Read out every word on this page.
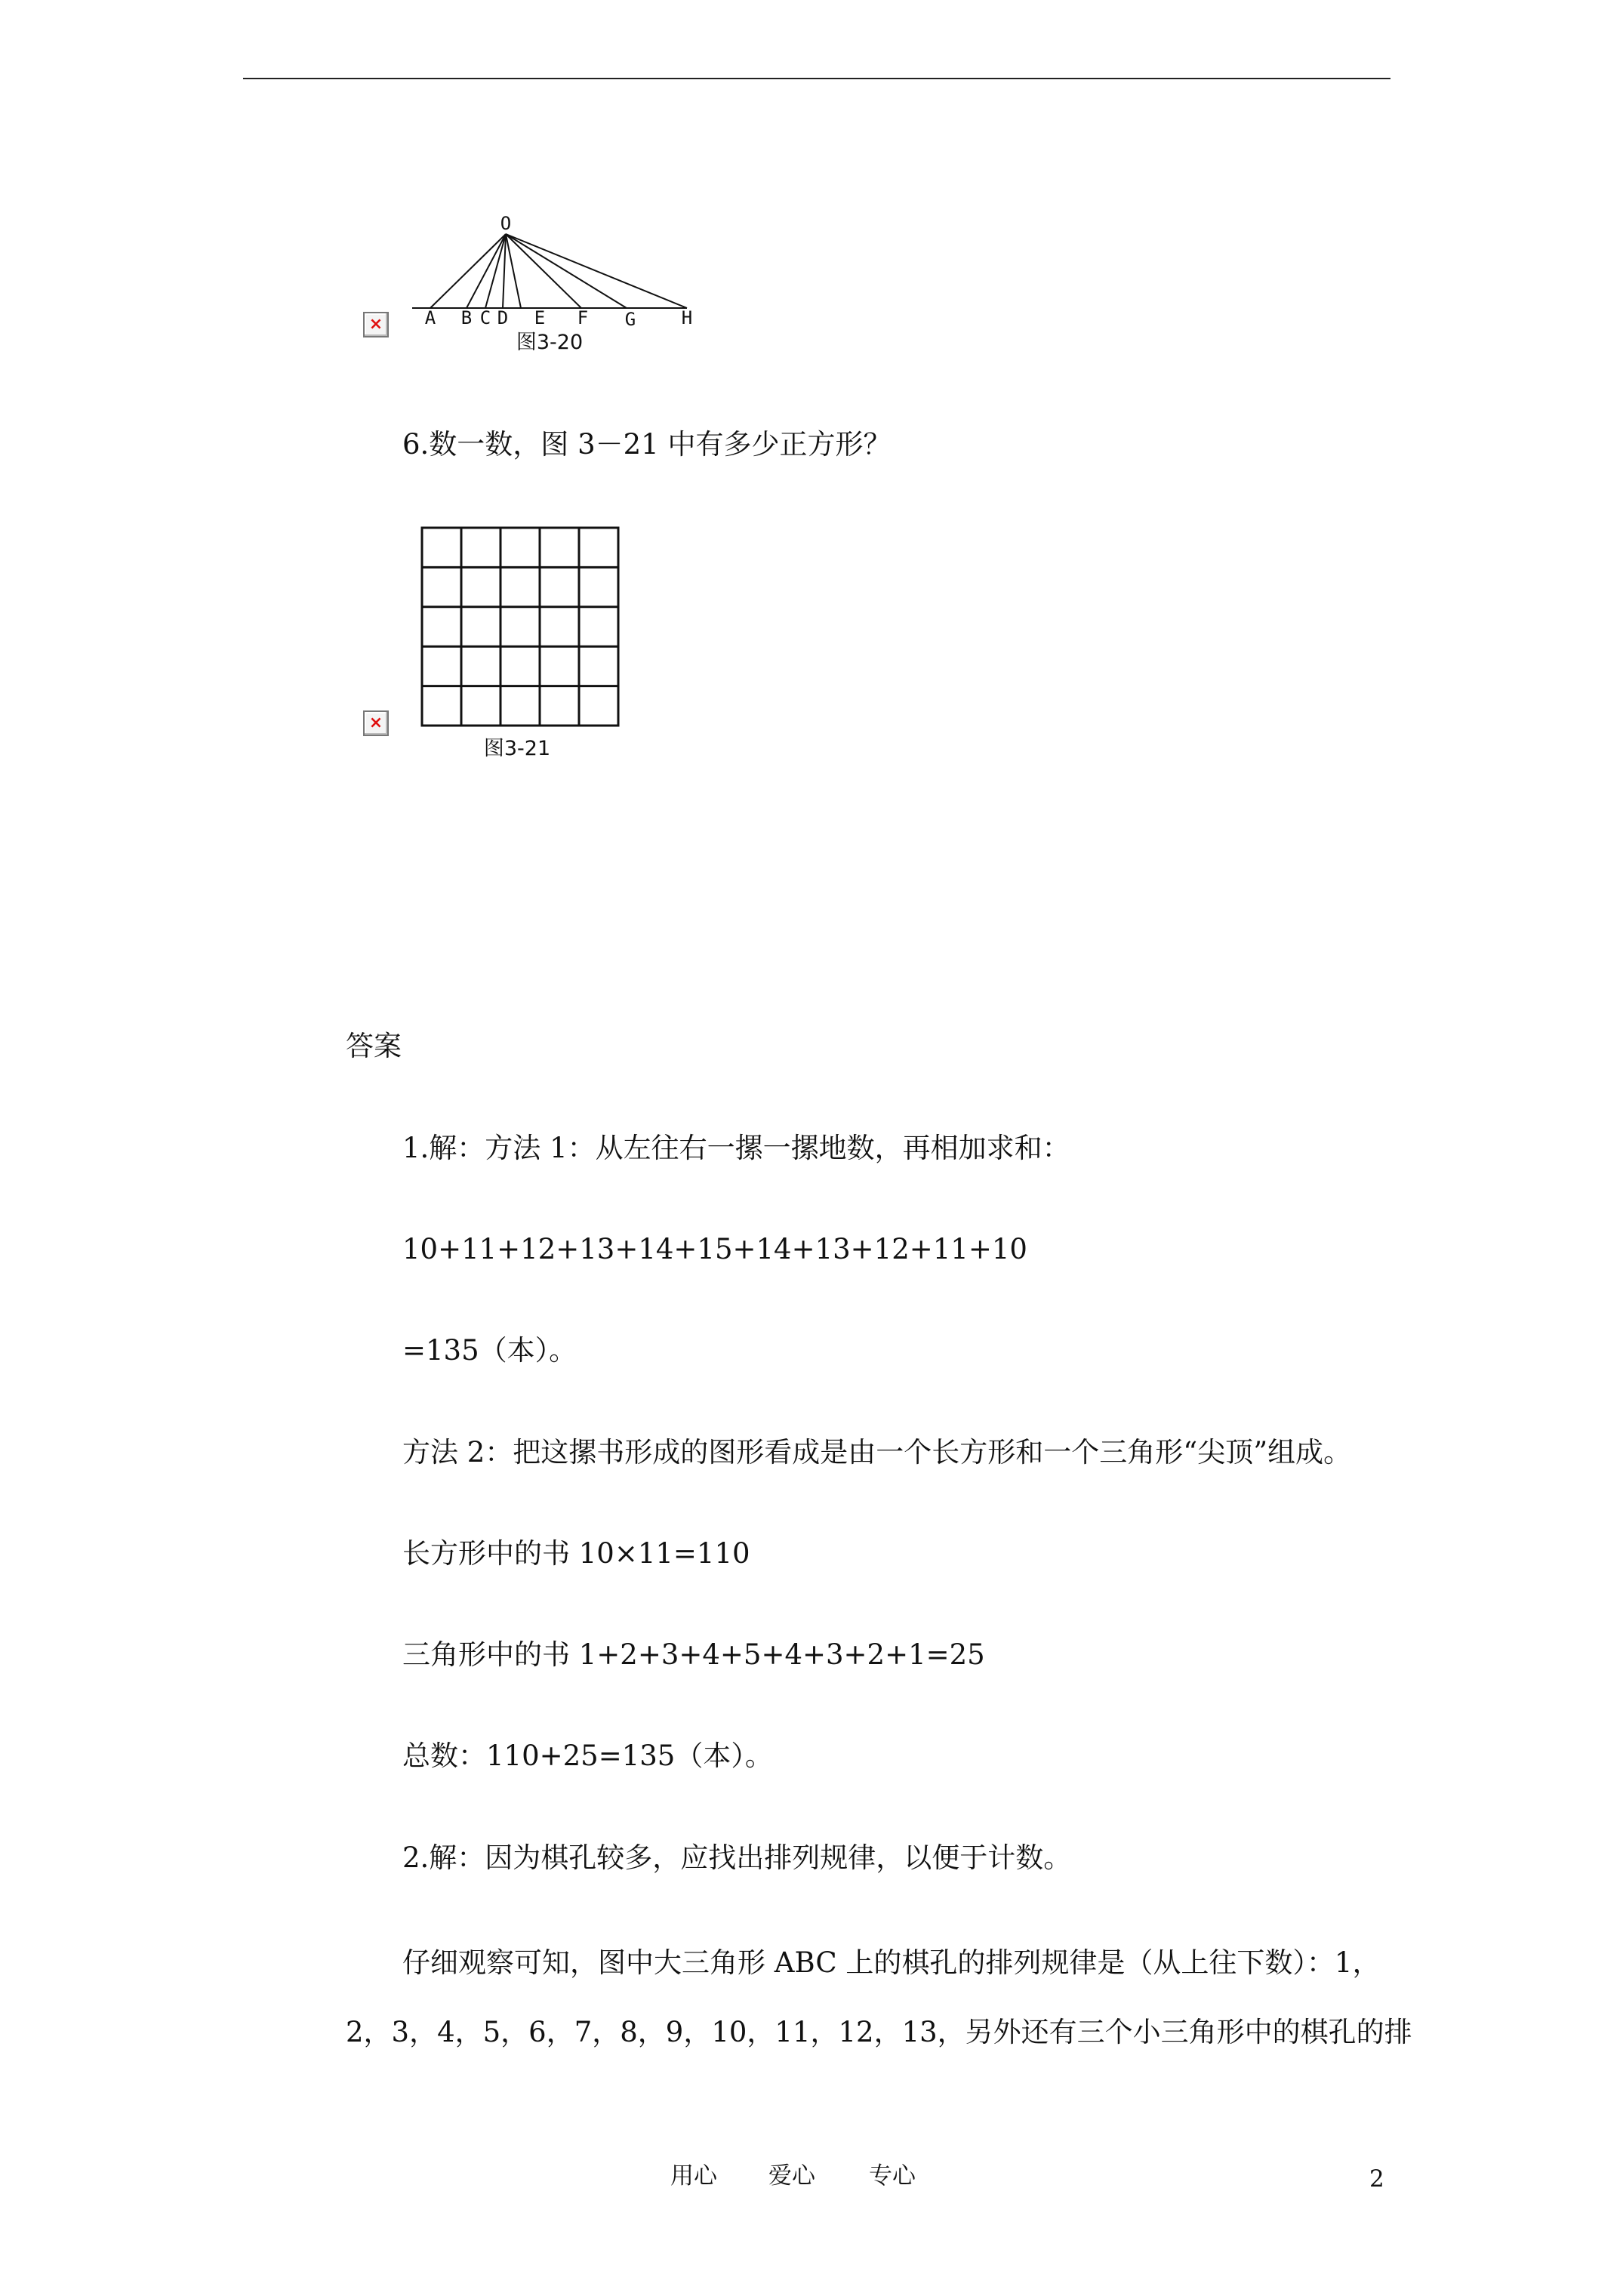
×
O
A B C D E F G	H
图3-20
6.数一数，图 3－21 中有多少正方形？
×
图3-21
答案
1.解：方法 1：从左往右一摞一摞地数，再相加求和：
10+11+12+13+14+15+14+13+12+11+10
=135（本）。
方法 2：把这摞书形成的图形看成是由一个长方形和一个三角形“尖顶”组成。
长方形中的书 10×11=110
三角形中的书 1+2+3+4+5+4+3+2+1=25
总数：110+25=135（本）。
2.解：因为棋孔较多，应找出排列规律，以便于计数。
仔细观察可知，图中大三角形 ABC 上的棋孔的排列规律是（从上往下数）：1，
2，3，4，5，6，7，8，9，10，11，12，13，另外还有三个小三角形中的棋孔的排
用心 爱心 专心	2
